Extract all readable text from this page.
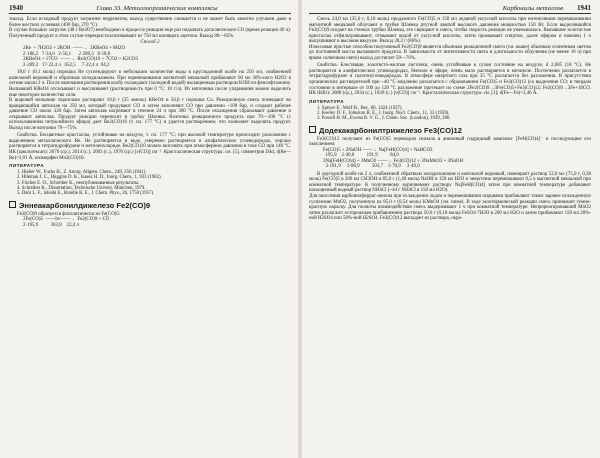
1940	Глава 33. Металлоорганические комплексы

токсид. Если исходный продукт загрязнен перренатом, выход существенно снижается и не может быть заметно улучшен даже в более жестких условиях (400 бар, 270 °С).
В случае больших загрузок (48 г Re2O7) необходимо в процессе реакции еще раз подкачать дополнительно СО (время реакции 40 ч). Полученный продукт в этом случае перекристаллизовывают из 750 мл кипящего ацетона. Выход 88—85%.

Способ 2
2Re  + 7H2O2 + 2KOH  ——→  2KReO4 + 8H2O
2·186,2   7·34,0   2·56,1      2·289,3   8·18,0
2KReO4 + 17CO  ——→  Re2(CO)10 + 7CO2 + K2CO3
2·289,3   17·22,4 л   652,5     7·22,4 л  94,2

18,6 г (0,1 моль) порошка Re суспендируют в небольшом количестве воды в круглодонной колбе на 250 мл, снабженной капельной воронкой и обратным холодильником. При перемешивании магнитной мешалкой прибавляют 60 мл 30%-ного H2O2 в летние капли 2 ч. После окончания растворения колбу охлаждают (холодной водой) насыщенным раствором KOH по фенолфталеину. Выпавший KReO4 отсасывают и высушивают (растворимость при 0 °С: 10 г/л). Из маточника после упаривания можно выделить еще некоторое количество соли.
В шаровой мельнице тщательно растирают 10,0 г (35 ммоль) KReO4 и 50,0 г порошка Cu. Реакционную смесь помещают во вращающийся автоклав на 250 мл, который продувают СО и затем заполняют СО при давлении ~100 бар, и создают рабочее давление СО около 320 бар. Затем автоклав нагревают в течение 24 ч при 300 °С. После охлаждения сбрасывают давление и открывают автоклав. Продукт реакции переносят в трубку Шленка. Возгонка реакционного продукта при 70—100 °С (с использованием петролейного эфира) дает Re2(CO)10 (т. пл. 177 °С) и удается растворением, что позволяет выделить продукт. Выход после возгонки 70—75%.

Свойства. Бесцветные кристаллы, устойчивые на воздухе, т. пл. 177 °С; при высокой температуре происходит разложение с выделением металлического Re. Не растворяется в воде, умеренно растворяется в алифатических углеводородах, хорошо растворяется в тетрагидрофуране и метиленхлориде. Re2(CO)10 можно возгонять при атмосферном давлении в токе СО при 140 °С. ИК (циклогексан): 2070 (ср.), 2014 (с.), 2003 (с.), 1976 (ср.) [ν(СО)] см⁻¹. Кристаллическая структура: см. [5], симметрия D4d, d(Re—Re)=3,01 Å, изоморфен Mn2(CO)10.

ЛИТЕРАТУРА
1. Hieber W., Fuchs H., Z. Anorg. Allgem. Chem., 248, 256 (1941).
2. Hileman J. C., Huggins D. K., Kaesz H. D., Inorg. Chem., 1, 933 (1962).
3. Fischer E. O., Schreiber K., неопубликованные результаты.
4. Schreiber K., Dissertation, Technische Univers. München, 1979.
5. Dahl L. F., Ishishi E., Rundle R. E., J. Chem. Phys., 26, 1750 (1957).
Эннеакарбонилдижелезо Fe2(CO)9

Fe2(CO)9 образуется фотолитически из Fe(CO)5:

2Fe(CO)5  ——hν——→  Fe2(CO)9 + CO
2·195,9          363,8    22,4 л
Карбонилы металлов 1941

Смесь 24,0 мл (35,0 г, 0,18 моль) продажного Fe(CO)5 и 150 мл ледяной уксусной кислоты при интенсивном перемешивании магнитной мешалкой облучают в трубке Шленка ртутной лампой высокого давления мощностью 150 Вт. Если выделившийся Fe2(CO)9 оседает на стенках трубки Шленка, его сщищают в смесь, чтобы скорость реакции не уменьшалась. Выпавшие золотистые кристаллы отфильтровывают, отмывают водой от уксусной кислоты, затем промывают спиртом, далее эфиром и наконец 1 ч высушивают в высоком вакууме. Выход 28,2 г (86%).
Износовые простые способом полученный Fe2(CO)9 является обычным реакционной смеси (см. выше) обычным солнечным светом до постоянной массы выпавшего продукта. В зависимости от интенсивности света и длительности облучения (не менее 10 ч) при ярком солнечном свете) выход достигает 50—70%.

Свойства. Блестящие, золотисто-желтые листочки, очень устойчивые в сухом состояние на воздухе, d 2,085 (18 °С). Не растворяется в алифатических углеводородах, бензоле и эфире, очень мало растворяется в метаноле. Постепенно разлагается в тетрагидрофуране и галогенуглеводородах. В атмосфере инертного газа при 35 °С разлагается без разложения. В присутствии органических растворителей при ~40 °С медленно разлагается с образованием Fe(CO)5 и Fe3(CO)12 (со выделения СО; в твердом состоянии в интервале от 100 до 120 °С разложение протекает по схеме 2Fe2(CO)9→3Fe(CO)5+Fe3(CO)12; Fe2(CO)9→3Fe+18CO. ИК (KBr): 2080 (ср.), 2034 (с.), 1828 (с.) [ν(CO)] см⁻¹. Кристаллическая структура: см. [3]; d(Fe—Fe)=2,46 Å.

ЛИТЕРАТУРА
1. Speyer E., Wolf H., Ber., 60, 1424 (1927).
2. Keeley D. F., Johnston R. E., J. Inorg. Nucl. Chem., 11, 33 (1959).
3. Powell H. M., Ewens R. V. G., J. Chem. Soc. (London), 1939, 286.
Додекакарбонилтрижелезо Fe3(CO)12

Fe3(CO)12 получают из Fe(CO)5 переводом сначала в анионный гидридный комплекс [FeH(CO)4]⁻ и последующим его окислением:

Fe(CO)5 + 2NaOH ——→ Na[FeH(CO)4] + NaHCO3
195,9    2·40,0          191,9          84,0
3Na[FeH(CO)4] + 3MnO2 ——→ Fe3(CO)12 + 3NaMnO3 + 3NaOH
3·191,9     3·86,9          503,7    3·70,9     3·40,0

В двугорлой колбе на 2 л, снабженной обратным холодильником и капельной воронкой, помещают раствор 52,0 мл (75,0 г, 0,38 моль) Fe(CO)5 в 200 мл CH3OH и 85,0 г (1,40 моль) NaOH в 150 мл H2O и энергично перемешивают 0,5 ч магнитной мешалкой при комнатной температуре. К полученному коричневому раствору Na[FeH(CO)4] затем при комнатной температуре добавляют насыщенный водный раствор NH4Cl (~44 г NH4Cl в 150 мл H2O).
Для окисления карбонилферрат-аниона при охлаждении льдом и перемешивании порциями прибавляют также заранее охлажденную суспензию MnO2, полученную из 85,0 г (0,54 моль) KMnO4 (см. ниже). В ходе экзотермической реакции смесь принимает темно-красную окраску. Для полноты взаимодействия смесь выдерживают 1 ч при комнатной температуре. Непрореагировавший MnO2 затем разлагают осторожным прибавлением раствора 50,0 г (0,18 моль) FeSO4·7H2O в 200 мл H2O и затем прибавляют 150 мл 20%-ной H2SO4 или 50%-ной H2SO4. Fe3(CO)12 выпадает из раствора, окра-
